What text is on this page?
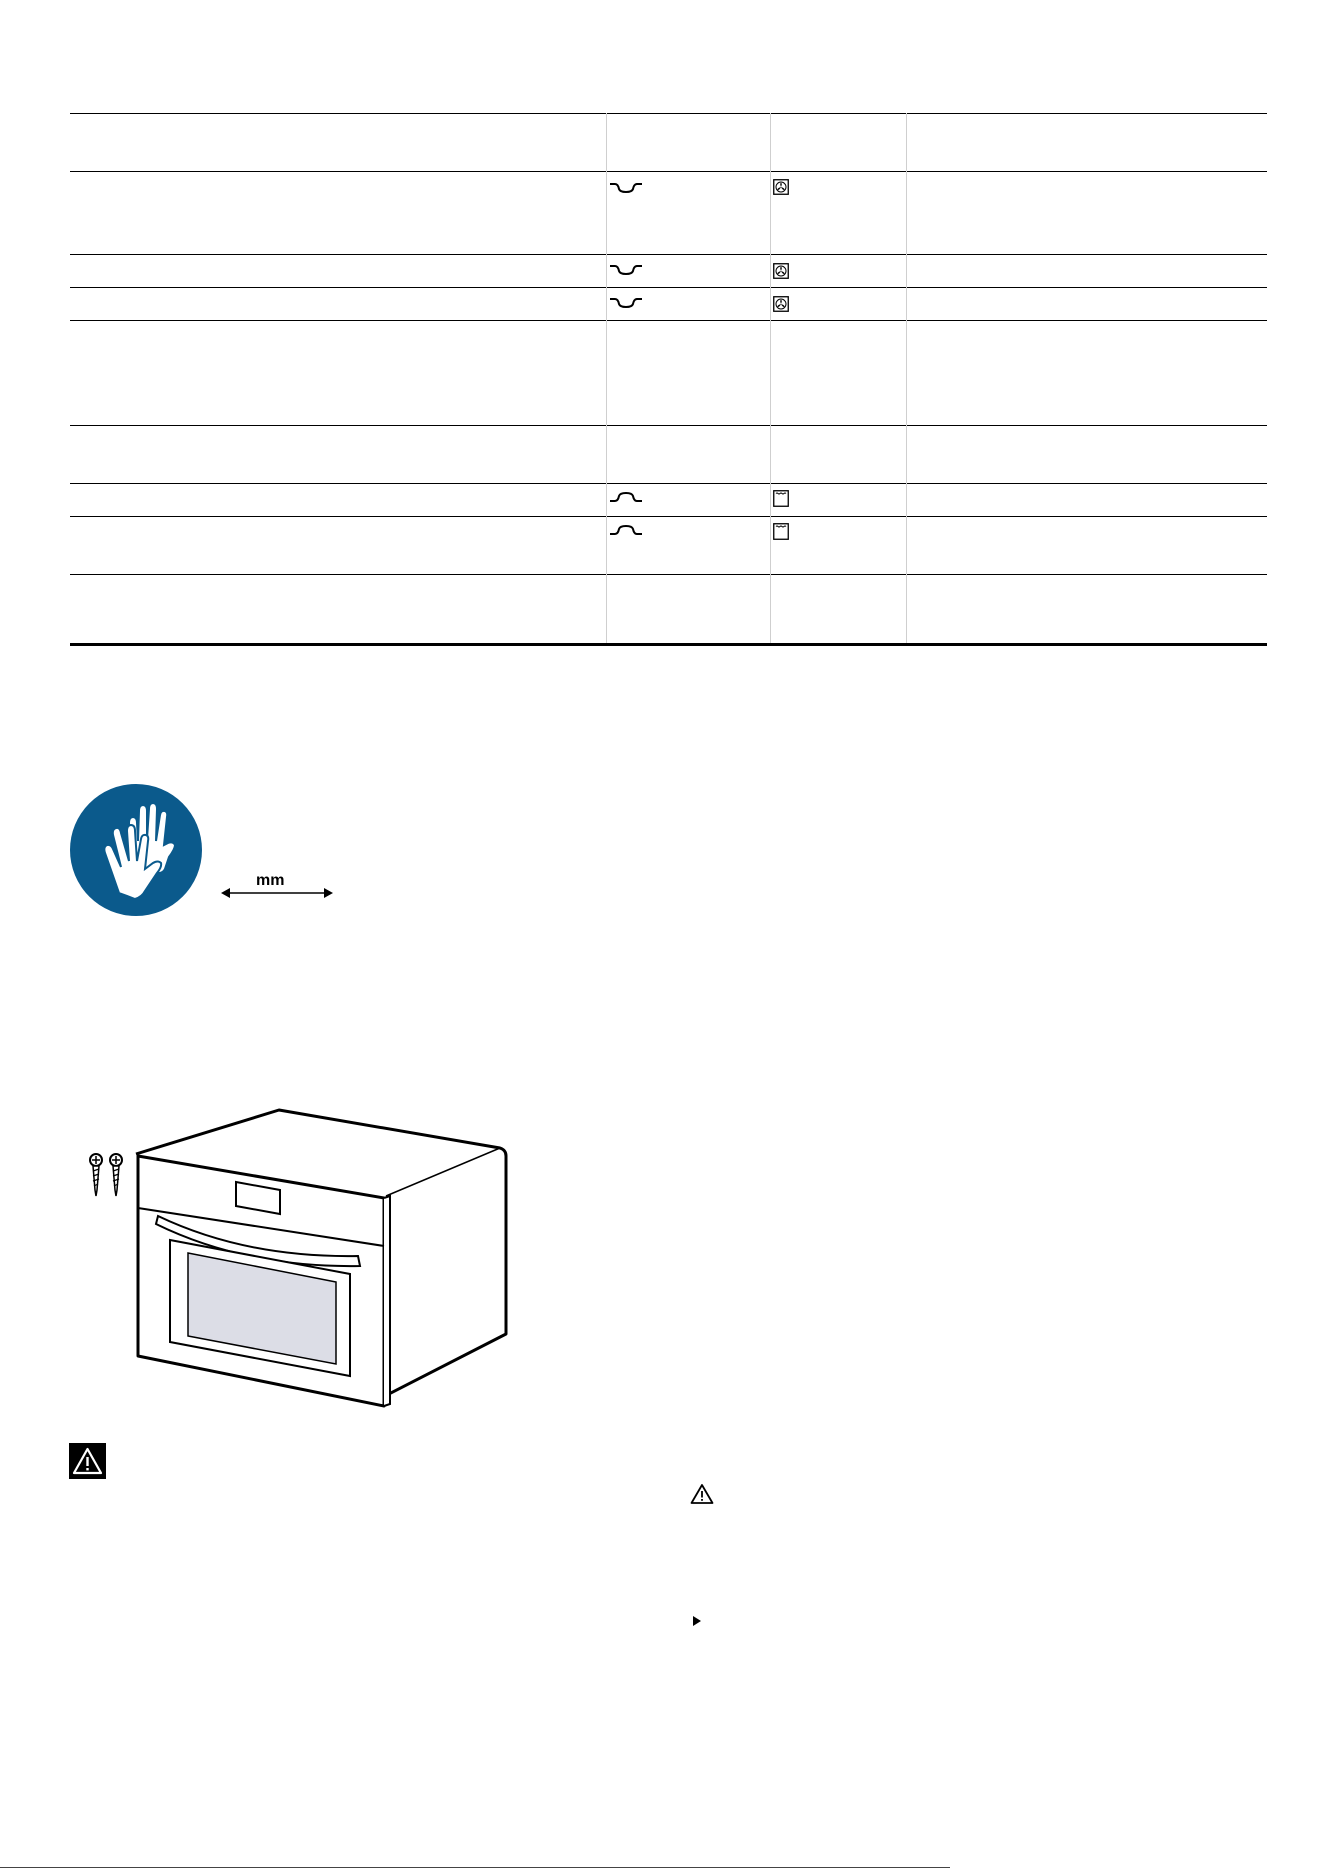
mm
